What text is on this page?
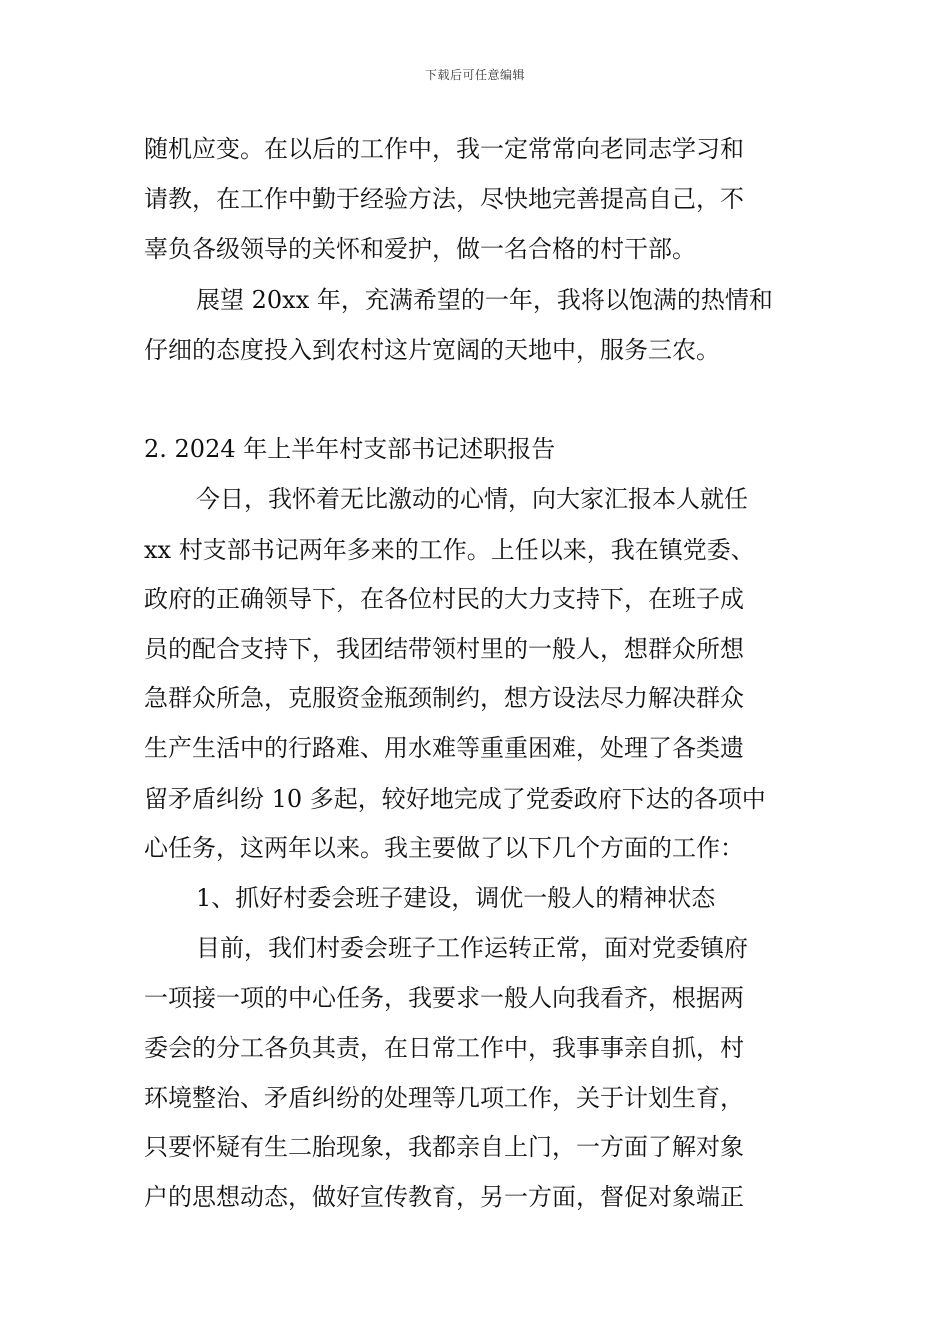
下载后可任意编辑
随机应变。在以后的工作中，我一定常常向老同志学习和
请教，在工作中勤于经验方法，尽快地完善提高自己，不
辜负各级领导的关怀和爱护，做一名合格的村干部。
展望 20xx 年，充满希望的一年，我将以饱满的热情和
仔细的态度投入到农村这片宽阔的天地中，服务三农。
2. 2024 年上半年村支部书记述职报告
今日，我怀着无比激动的心情，向大家汇报本人就任
xx 村支部书记两年多来的工作。上任以来，我在镇党委、
政府的正确领导下，在各位村民的大力支持下，在班子成
员的配合支持下，我团结带领村里的一般人，想群众所想
急群众所急，克服资金瓶颈制约，想方设法尽力解决群众
生产生活中的行路难、用水难等重重困难，处理了各类遗
留矛盾纠纷 10 多起，较好地完成了党委政府下达的各项中
心任务，这两年以来。我主要做了以下几个方面的工作：
1、抓好村委会班子建设，调优一般人的精神状态
目前，我们村委会班子工作运转正常，面对党委镇府
一项接一项的中心任务，我要求一般人向我看齐，根据两
委会的分工各负其责，在日常工作中，我事事亲自抓，村
环境整治、矛盾纠纷的处理等几项工作，关于计划生育，
只要怀疑有生二胎现象，我都亲自上门，一方面了解对象
户的思想动态，做好宣传教育，另一方面，督促对象端正
